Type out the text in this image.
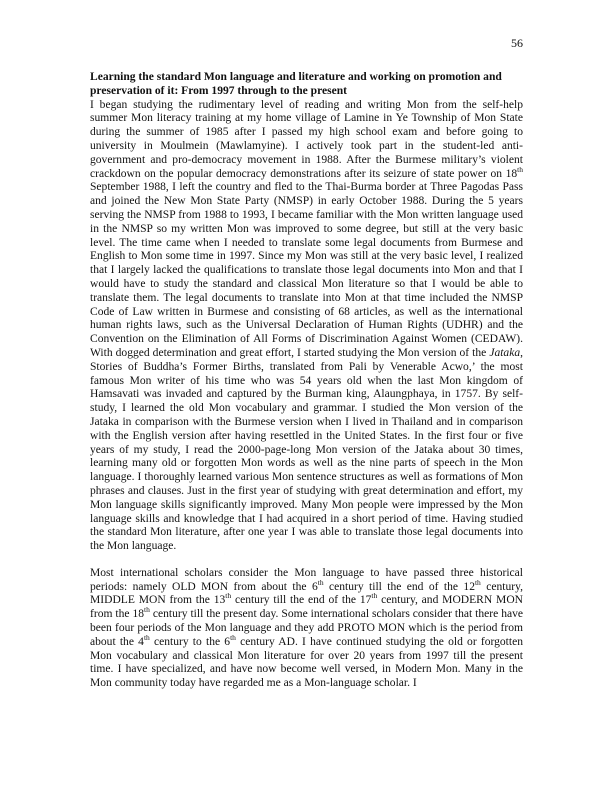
56

Learning the standard Mon language and literature and working on promotion and preservation of it: From 1997 through to the present

I began studying the rudimentary level of reading and writing Mon from the self-help summer Mon literacy training at my home village of Lamine in Ye Township of Mon State during the summer of 1985 after I passed my high school exam and before going to university in Moulmein (Mawlamyine). I actively took part in the student-led anti-government and pro-democracy movement in 1988. After the Burmese military’s violent crackdown on the popular democracy demonstrations after its seizure of state power on 18th September 1988, I left the country and fled to the Thai-Burma border at Three Pagodas Pass and joined the New Mon State Party (NMSP) in early October 1988. During the 5 years serving the NMSP from 1988 to 1993, I became familiar with the Mon written language used in the NMSP so my written Mon was improved to some degree, but still at the very basic level. The time came when I needed to translate some legal documents from Burmese and English to Mon some time in 1997. Since my Mon was still at the very basic level, I realized that I largely lacked the qualifications to translate those legal documents into Mon and that I would have to study the standard and classical Mon literature so that I would be able to translate them. The legal documents to translate into Mon at that time included the NMSP Code of Law written in Burmese and consisting of 68 articles, as well as the international human rights laws, such as the Universal Declaration of Human Rights (UDHR) and the Convention on the Elimination of All Forms of Discrimination Against Women (CEDAW). With dogged determination and great effort, I started studying the Mon version of the Jataka, Stories of Buddha’s Former Births, translated from Pali by Venerable Acwo,’ the most famous Mon writer of his time who was 54 years old when the last Mon kingdom of Hamsavati was invaded and captured by the Burman king, Alaungphaya, in 1757. By self-study, I learned the old Mon vocabulary and grammar. I studied the Mon version of the Jataka in comparison with the Burmese version when I lived in Thailand and in comparison with the English version after having resettled in the United States. In the first four or five years of my study, I read the 2000-page-long Mon version of the Jataka about 30 times, learning many old or forgotten Mon words as well as the nine parts of speech in the Mon language. I thoroughly learned various Mon sentence structures as well as formations of Mon phrases and clauses. Just in the first year of studying with great determination and effort, my Mon language skills significantly improved. Many Mon people were impressed by the Mon language skills and knowledge that I had acquired in a short period of time. Having studied the standard Mon literature, after one year I was able to translate those legal documents into the Mon language.

Most international scholars consider the Mon language to have passed three historical periods: namely OLD MON from about the 6th century till the end of the 12th century, MIDDLE MON from the 13th century till the end of the 17th century, and MODERN MON from the 18th century till the present day. Some international scholars consider that there have been four periods of the Mon language and they add PROTO MON which is the period from about the 4th century to the 6th century AD. I have continued studying the old or forgotten Mon vocabulary and classical Mon literature for over 20 years from 1997 till the present time. I have specialized, and have now become well versed, in Modern Mon. Many in the Mon community today have regarded me as a Mon-language scholar. I
